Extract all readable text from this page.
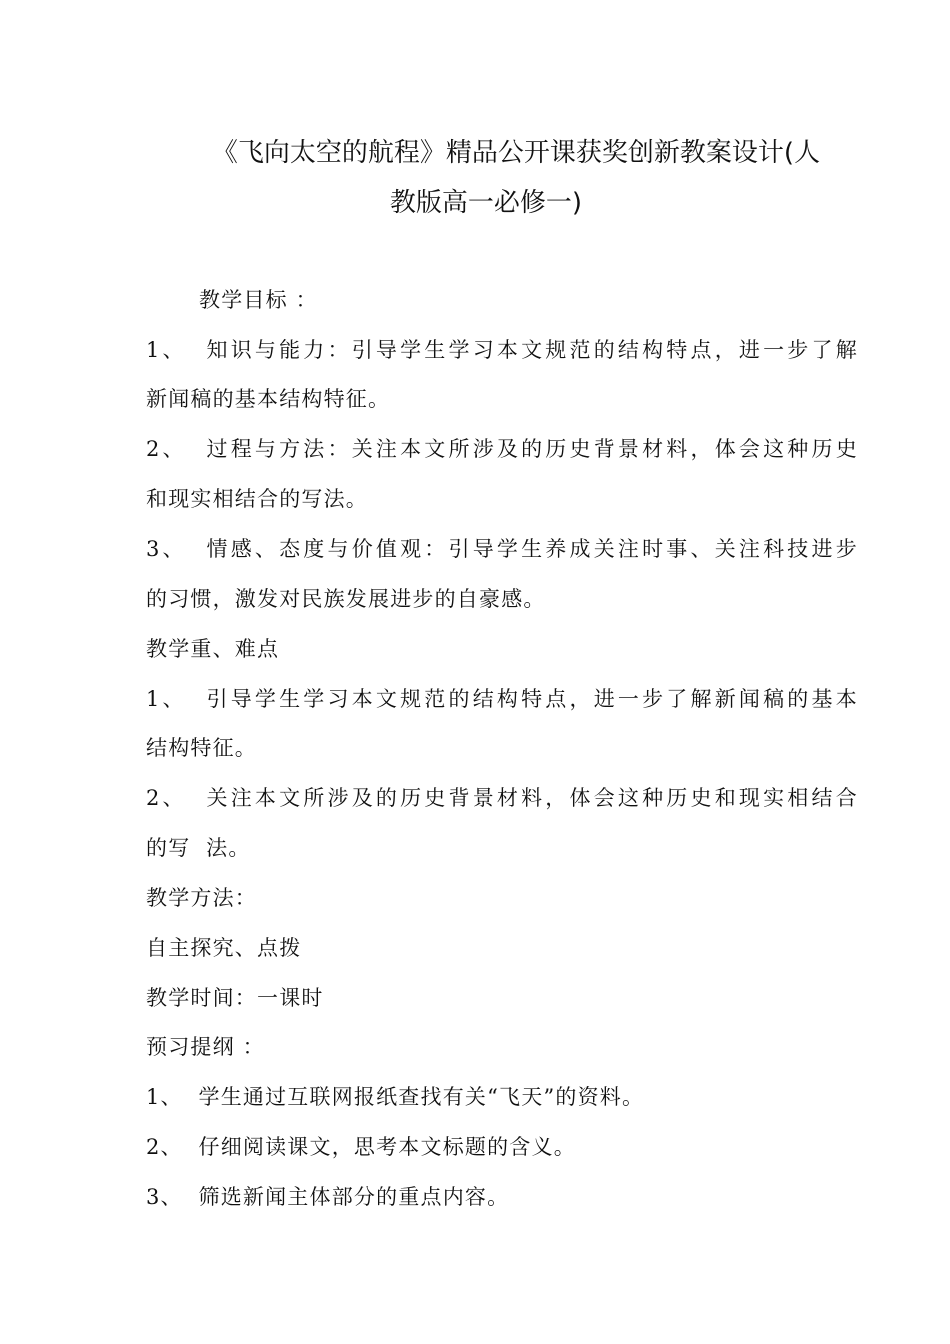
《飞向太空的航程》精品公开课获奖创新教案设计(人
教版高一必修一)
教学目标 ：
1、  知识与能力：引导学生学习本文规范的结构特点，进一步了解
新闻稿的基本结构特征。
2、  过程与方法：关注本文所涉及的历史背景材料，体会这种历史
和现实相结合的写法。
3、  情感、态度与价值观：引导学生养成关注时事、关注科技进步
的习惯，激发对民族发展进步的自豪感。
教学重、难点
1、  引导学生学习本文规范的结构特点，进一步了解新闻稿的基本
结构特征。
2、  关注本文所涉及的历史背景材料，体会这种历史和现实相结合
的写  法。
教学方法：
自主探究、点拨
教学时间：一课时
预习提纲 ：
1、  学生通过互联网报纸查找有关“飞天”的资料。
2、  仔细阅读课文，思考本文标题的含义。
3、  筛选新闻主体部分的重点内容。
